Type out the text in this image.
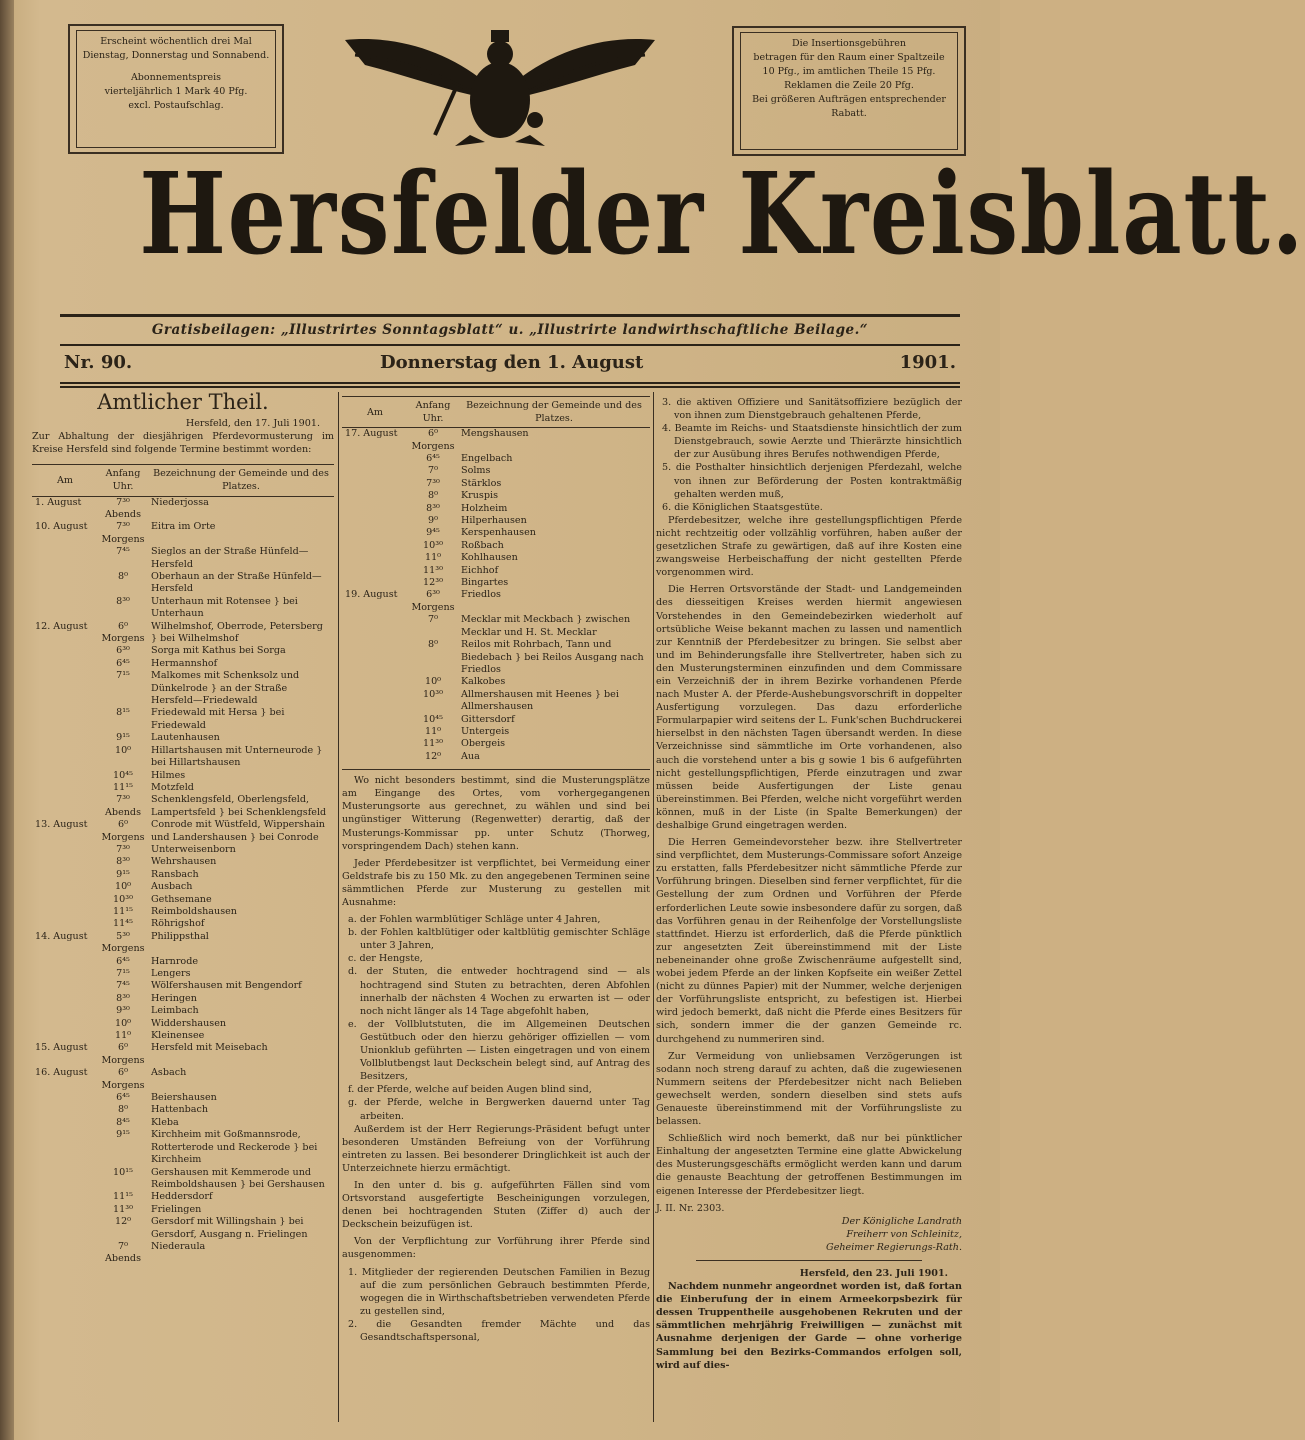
Erscheint wöchentlich drei Mal
Dienstag, Donnerstag und Sonnabend.
Abonnementspreis
vierteljährlich 1 Mark 40 Pfg.
excl. Postaufschlag.
Die Insertionsgebühren
betragen für den Raum einer Spaltzeile
10 Pfg., im amtlichen Theile 15 Pfg.
Reklamen die Zeile 20 Pfg.
Bei größeren Aufträgen entsprechender
Rabatt.
Hersfelder Kreisblatt.
Gratisbeilagen: „Illustrirtes Sonntagsblatt“ u. „Illustrirte landwirthschaftliche Beilage.“
Nr. 90.	Donnerstag den 1. August	1901.
Amtlicher Theil.
Hersfeld, den 17. Juli 1901.
Zur Abhaltung der diesjährigen Pferdevormusterung im Kreise Hersfeld sind folgende Termine bestimmt worden:
Am	Anfang Uhr.	Bezeichnung der Gemeinde und des Platzes.
1. August	7³⁰ Abends	Niederjossa
10. August	7³⁰ Morgens	Eitra im Orte
	7⁴⁵	Sieglos an der Straße Hünfeld—Hersfeld
	8⁰	Oberhaun an der Straße Hünfeld—Hersfeld
	8³⁰	Unterhaun mit Rotensee } bei Unterhaun
12. August	6⁰ Morgens	Wilhelmshof, Oberrode, Petersberg } bei Wilhelmshof
	6³⁰	Sorga mit Kathus bei Sorga
	6⁴⁵	Hermannshof
	7¹⁵	Malkomes mit Schenksolz und Dünkelrode } an der Straße Hersfeld—Friedewald
	8¹⁵	Friedewald mit Hersa } bei Friedewald
	9¹⁵	Lautenhausen
	10⁰	Hillartshausen mit Unterneurode } bei Hillartshausen
	10⁴⁵	Hilmes
	11¹⁵	Motzfeld
	7³⁰ Abends	Schenklengsfeld, Oberlengsfeld, Lampertsfeld } bei Schenklengsfeld
13. August	6⁰ Morgens	Conrode mit Wüstfeld, Wippershain und Landershausen } bei Conrode
	7³⁰	Unterweisenborn
	8³⁰	Wehrshausen
	9¹⁵	Ransbach
	10⁰	Ausbach
	10³⁰	Gethsemane
	11¹⁵	Reimboldshausen
	11⁴⁵	Röhrigshof
14. August	5³⁰ Morgens	Philippsthal
	6⁴⁵	Harnrode
	7¹⁵	Lengers
	7⁴⁵	Wölfershausen mit Bengendorf
	8³⁰	Heringen
	9³⁰	Leimbach
	10⁰	Widdershausen
	11⁰	Kleinensee
15. August	6⁰ Morgens	Hersfeld mit Meisebach
16. August	6⁰ Morgens	Asbach
	6⁴⁵	Beiershausen
	8⁰	Hattenbach
	8⁴⁵	Kleba
	9¹⁵	Kirchheim mit Goßmannsrode, Rotterterode und Reckerode } bei Kirchheim
	10¹⁵	Gershausen mit Kemmerode und Reimboldshausen } bei Gershausen
	11¹⁵	Heddersdorf
	11³⁰	Frielingen
	12⁰	Gersdorf mit Willingshain } bei Gersdorf, Ausgang n. Frielingen
	7⁰ Abends	Niederaula
Am	Anfang Uhr.	Bezeichnung der Gemeinde und des Platzes.
17. August	6⁰ Morgens	Mengshausen
	6⁴⁵	Engelbach
	7⁰	Solms
	7³⁰	Stärklos
	8⁰	Kruspis
	8³⁰	Holzheim
	9⁰	Hilperhausen
	9⁴⁵	Kerspenhausen
	10³⁰	Roßbach
	11⁰	Kohlhausen
	11³⁰	Eichhof
	12³⁰	Bingartes
19. August	6³⁰ Morgens	Friedlos
	7⁰	Mecklar mit Meckbach } zwischen Mecklar und H. St. Mecklar
	8⁰	Reilos mit Rohrbach, Tann und Biedebach } bei Reilos Ausgang nach Friedlos
	10⁰	Kalkobes
	10³⁰	Allmershausen mit Heenes } bei Allmershausen
	10⁴⁵	Gittersdorf
	11⁰	Untergeis
	11³⁰	Obergeis
	12⁰	Aua

Wo nicht besonders bestimmt, sind die Musterungsplätze am Eingange des Ortes, vom vorhergegangenen Musterungsorte aus gerechnet, zu wählen und sind bei ungünstiger Witterung (Regenwetter) derartig, daß der Musterungs-Kommissar pp. unter Schutz (Thorweg, vorspringendem Dach) stehen kann.

Jeder Pferdebesitzer ist verpflichtet, bei Vermeidung einer Geldstrafe bis zu 150 Mk. zu den angegebenen Terminen seine sämmtlichen Pferde zur Musterung zu gestellen mit Ausnahme:

a. der Fohlen warmblütiger Schläge unter 4 Jahren,

b. der Fohlen kaltblütiger oder kaltblütig gemischter Schläge unter 3 Jahren,

c. der Hengste,

d. der Stuten, die entweder hochtragend sind — als hochtragend sind Stuten zu betrachten, deren Abfohlen innerhalb der nächsten 4 Wochen zu erwarten ist — oder noch nicht länger als 14 Tage abgefohlt haben,

e. der Vollblutstuten, die im Allgemeinen Deutschen Gestütbuch oder den hierzu gehöriger offiziellen — vom Unionklub geführten — Listen eingetragen und von einem Vollblutbengst laut Deckschein belegt sind, auf Antrag des Besitzers,

f. der Pferde, welche auf beiden Augen blind sind,

g. der Pferde, welche in Bergwerken dauernd unter Tag arbeiten.

Außerdem ist der Herr Regierungs-Präsident befugt unter besonderen Umständen Befreiung von der Vorführung eintreten zu lassen. Bei besonderer Dringlichkeit ist auch der Unterzeichnete hierzu ermächtigt.

In den unter d. bis g. aufgeführten Fällen sind vom Ortsvorstand ausgefertigte Bescheinigungen vorzulegen, denen bei hochtragenden Stuten (Ziffer d) auch der Deckschein beizufügen ist.

Von der Verpflichtung zur Vorführung ihrer Pferde sind ausgenommen:

1. Mitglieder der regierenden Deutschen Familien in Bezug auf die zum persönlichen Gebrauch bestimmten Pferde, wogegen die in Wirthschaftsbetrieben verwendeten Pferde zu gestellen sind,

2. die Gesandten fremder Mächte und das Gesandtschaftspersonal,

3. die aktiven Offiziere und Sanitätsoffiziere bezüglich der von ihnen zum Dienstgebrauch gehaltenen Pferde,

4. Beamte im Reichs- und Staatsdienste hinsichtlich der zum Dienstgebrauch, sowie Aerzte und Thierärzte hinsichtlich der zur Ausübung ihres Berufes nothwendigen Pferde,

5. die Posthalter hinsichtlich derjenigen Pferdezahl, welche von ihnen zur Beförderung der Posten kontraktmäßig gehalten werden muß,

6. die Königlichen Staatsgestüte.

Pferdebesitzer, welche ihre gestellungspflichtigen Pferde nicht rechtzeitig oder vollzählig vorführen, haben außer der gesetzlichen Strafe zu gewärtigen, daß auf ihre Kosten eine zwangsweise Herbeischaffung der nicht gestellten Pferde vorgenommen wird.

Die Herren Ortsvorstände der Stadt- und Landgemeinden des diesseitigen Kreises werden hiermit angewiesen Vorstehendes in den Gemeindebezirken wiederholt auf ortsübliche Weise bekannt machen zu lassen und namentlich zur Kenntniß der Pferdebesitzer zu bringen. Sie selbst aber und im Behinderungsfalle ihre Stellvertreter, haben sich zu den Musterungsterminen einzufinden und dem Commissare ein Verzeichniß der in ihrem Bezirke vorhandenen Pferde nach Muster A. der Pferde-Aushebungsvorschrift in doppelter Ausfertigung vorzulegen. Das dazu erforderliche Formularpapier wird seitens der L. Funk'schen Buchdruckerei hierselbst in den nächsten Tagen übersandt werden. In diese Verzeichnisse sind sämmtliche im Orte vorhandenen, also auch die vorstehend unter a bis g sowie 1 bis 6 aufgeführten nicht gestellungspflichtigen, Pferde einzutragen und zwar müssen beide Ausfertigungen der Liste genau übereinstimmen. Bei Pferden, welche nicht vorgeführt werden können, muß in der Liste (in Spalte Bemerkungen) der deshalbige Grund eingetragen werden.

Die Herren Gemeindevorsteher bezw. ihre Stellvertreter sind verpflichtet, dem Musterungs-Commissare sofort Anzeige zu erstatten, falls Pferdebesitzer nicht sämmtliche Pferde zur Vorführung bringen. Dieselben sind ferner verpflichtet, für die Gestellung der zum Ordnen und Vorführen der Pferde erforderlichen Leute sowie insbesondere dafür zu sorgen, daß das Vorführen genau in der Reihenfolge der Vorstellungsliste stattfindet. Hierzu ist erforderlich, daß die Pferde pünktlich zur angesetzten Zeit übereinstimmend mit der Liste nebeneinander ohne große Zwischenräume aufgestellt sind, wobei jedem Pferde an der linken Kopfseite ein weißer Zettel (nicht zu dünnes Papier) mit der Nummer, welche derjenigen der Vorführungsliste entspricht, zu befestigen ist. Hierbei wird jedoch bemerkt, daß nicht die Pferde eines Besitzers für sich, sondern immer die der ganzen Gemeinde rc. durchgehend zu nummeriren sind.

Zur Vermeidung von unliebsamen Verzögerungen ist sodann noch streng darauf zu achten, daß die zugewiesenen Nummern seitens der Pferdebesitzer nicht nach Belieben gewechselt werden, sondern dieselben sind stets aufs Genaueste übereinstimmend mit der Vorführungsliste zu belassen.

Schließlich wird noch bemerkt, daß nur bei pünktlicher Einhaltung der angesetzten Termine eine glatte Abwickelung des Musterungsgeschäfts ermöglicht werden kann und darum die genauste Beachtung der getroffenen Bestimmungen im eigenen Interesse der Pferdebesitzer liegt.

J. II. Nr. 2303.
Der Königliche Landrath
Freiherr von Schleinitz,
Geheimer Regierungs-Rath.
Hersfeld, den 23. Juli 1901.

Nachdem nunmehr angeordnet worden ist, daß fortan die Einberufung der in einem Armeekorpsbezirk für dessen Truppentheile ausgehobenen Rekruten und der sämmtlichen mehrjährig Freiwilligen — zunächst mit Ausnahme derjenigen der Garde — ohne vorherige Sammlung bei den Bezirks-Commandos erfolgen soll, wird auf dies-
